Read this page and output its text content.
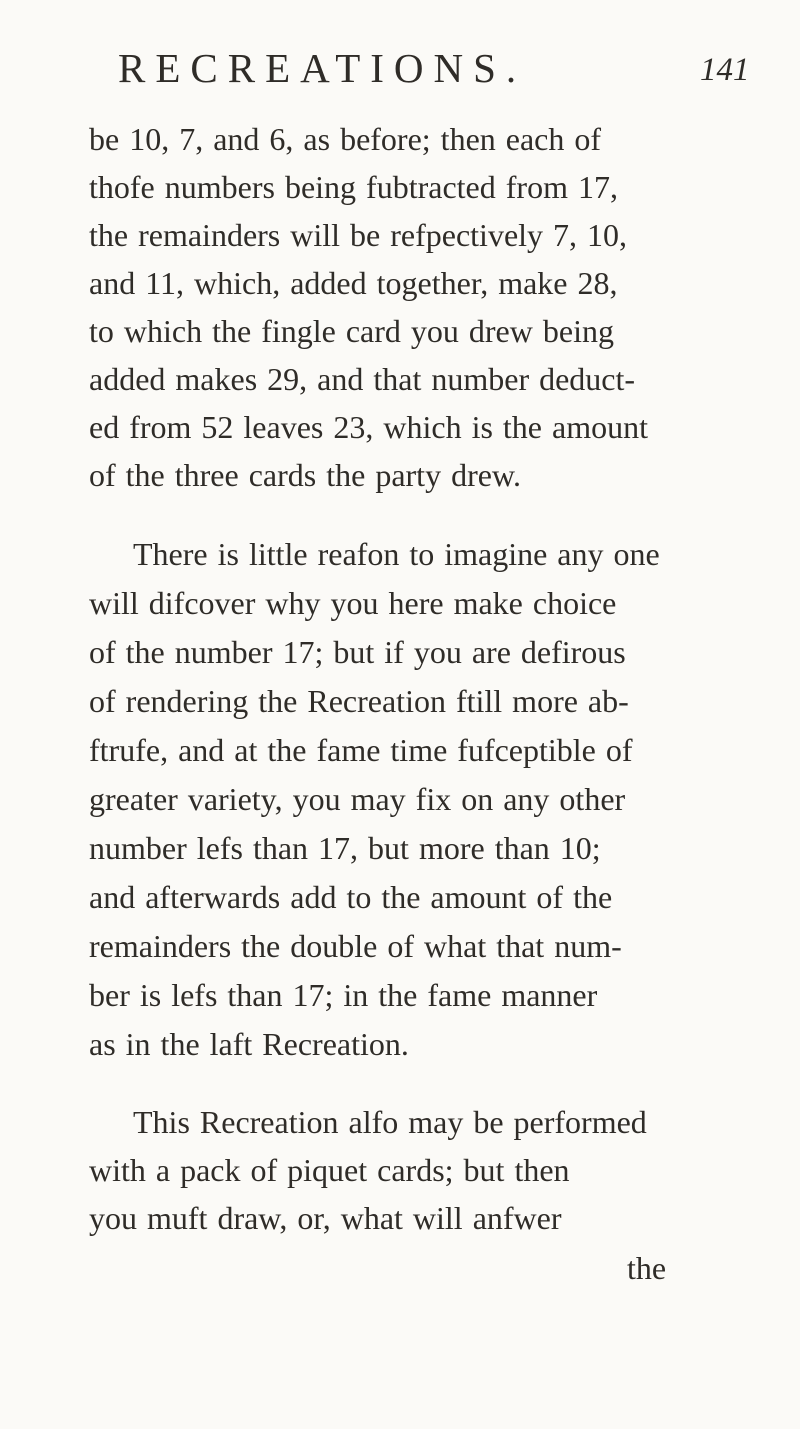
RECREATIONS.	141
be 10, 7, and 6, as before; then each of
thofe numbers being fubtracted from 17,
the remainders will be refpectively 7, 10,
and 11, which, added together, make 28,
to which the fingle card you drew being
added makes 29, and that number deduct-
ed from 52 leaves 23, which is the amount
of the three cards the party drew.
There is little reafon to imagine any one
will difcover why you here make choice
of the number 17; but if you are defirous
of rendering the Recreation ftill more ab-
ftrufe, and at the fame time fufceptible of
greater variety, you may fix on any other
number lefs than 17, but more than 10;
and afterwards add to the amount of the
remainders the double of what that num-
ber is lefs than 17; in the fame manner
as in the laft Recreation.
This Recreation alfo may be performed
with a pack of piquet cards; but then
you muft draw, or, what will anfwer
the
